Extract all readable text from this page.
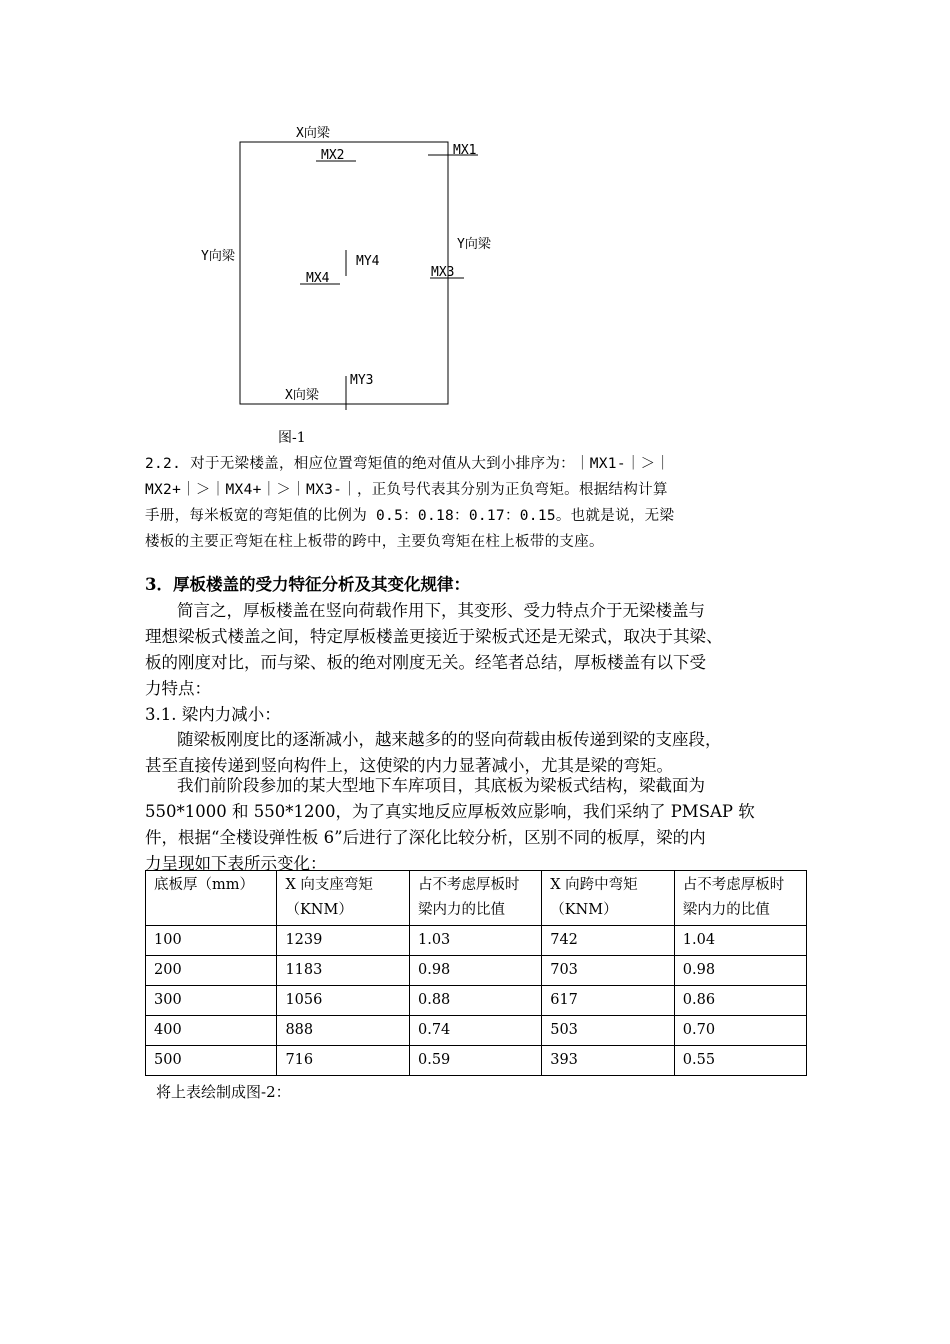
X向梁
MX2	MX1
Y向梁
Y向梁
MY4
MX4	MX3
MY3
X向梁
图-1
2.2. 对于无梁楼盖，相应位置弯矩值的绝对值从大到小排序为：｜MX1-｜＞｜
MX2+｜＞｜MX4+｜＞｜MX3-｜，正负号代表其分别为正负弯矩。根据结构计算
手册，每米板宽的弯矩值的比例为 0.5：0.18：0.17：0.15。也就是说，无梁
楼板的主要正弯矩在柱上板带的跨中，主要负弯矩在柱上板带的支座。
3．厚板楼盖的受力特征分析及其变化规律：
简言之，厚板楼盖在竖向荷载作用下，其变形、受力特点介于无梁楼盖与
理想梁板式楼盖之间，特定厚板楼盖更接近于梁板式还是无梁式，取决于其梁、
板的刚度对比，而与梁、板的绝对刚度无关。经笔者总结，厚板楼盖有以下受
力特点：
3.1. 梁内力减小：
随梁板刚度比的逐渐减小，越来越多的的竖向荷载由板传递到梁的支座段，
甚至直接传递到竖向构件上，这使梁的内力显著减小，尤其是梁的弯矩。
我们前阶段参加的某大型地下车库项目，其底板为梁板式结构，梁截面为
550*1000 和 550*1200，为了真实地反应厚板效应影响，我们采纳了 PMSAP 软
件，根据“全楼设弹性板 6”后进行了深化比较分析，区别不同的板厚，梁的内
力呈现如下表所示变化：
底板厚（mm）	X 向支座弯矩（KNM）	占不考虑厚板时梁内力的比值	X 向跨中弯矩（KNM）	占不考虑厚板时梁内力的比值
100	1239	1.03	742	1.04
200	1183	0.98	703	0.98
300	1056	0.88	617	0.86
400	888	0.74	503	0.70
500	716	0.59	393	0.55
将上表绘制成图-2：
